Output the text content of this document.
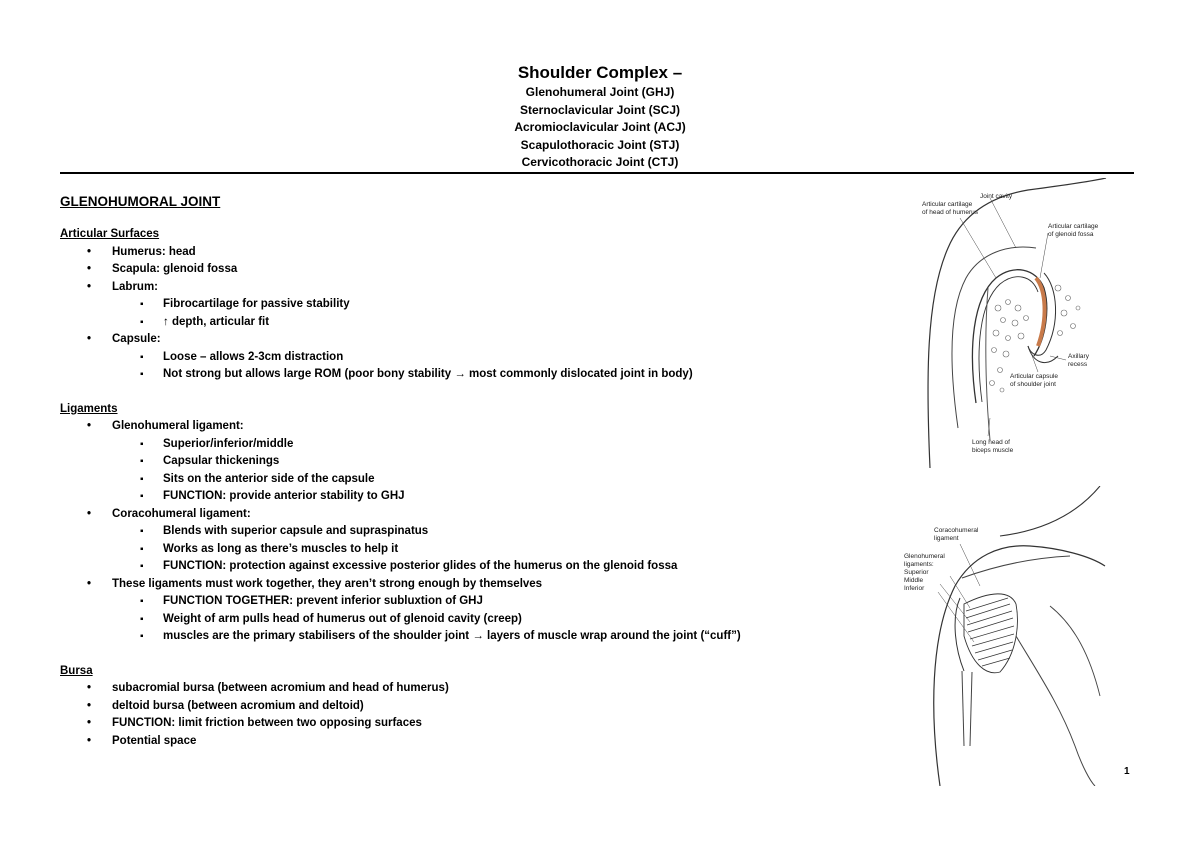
Shoulder Complex –
Glenohumeral Joint (GHJ)
Sternoclavicular Joint (SCJ)
Acromioclavicular Joint (ACJ)
Scapulothoracic Joint (STJ)
Cervicothoracic Joint (CTJ)
GLENOHUMORAL JOINT
Articular Surfaces
• Humerus: head
• Scapula: glenoid fossa
• Labrum:
▪ Fibrocartilage for passive stability
▪ ↑ depth, articular fit
• Capsule:
▪ Loose – allows 2-3cm distraction
▪ Not strong but allows large ROM (poor bony stability → most commonly dislocated joint in body)
Ligaments
• Glenohumeral ligament:
▪ Superior/inferior/middle
▪ Capsular thickenings
▪ Sits on the anterior side of the capsule
▪ FUNCTION: provide anterior stability to GHJ
• Coracohumeral ligament:
▪ Blends with superior capsule and supraspinatus
▪ Works as long as there’s muscles to help it
▪ FUNCTION: protection against excessive posterior glides of the humerus on the glenoid fossa
• These ligaments must work together, they aren’t strong enough by themselves
▪ FUNCTION TOGETHER: prevent inferior subluxtion of GHJ
▪ Weight of arm pulls head of humerus out of glenoid cavity (creep)
▪ muscles are the primary stabilisers of the shoulder joint → layers of muscle wrap around the joint (“cuff”)
Bursa
• subacromial bursa (between acromium and head of humerus)
• deltoid bursa (between acromium and deltoid)
• FUNCTION: limit friction between two opposing surfaces
• Potential space
Joint cavity
Articular cartilage
of head of humerus
Articular cartilage
of glenoid fossa
Axillary
recess
Articular capsule
of shoulder joint
Long head of
biceps muscle
Coracohumeral
ligament
Glenohumeral
ligaments:
Superior
Middle
Inferior
1
